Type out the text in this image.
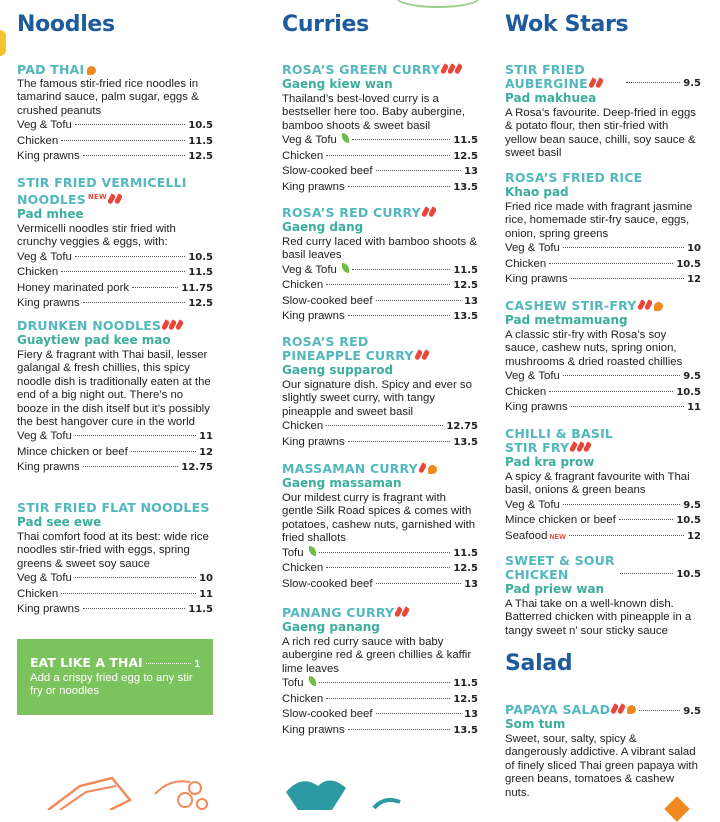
Noodles
PAD THAI
The famous stir-fried rice noodles in tamarind sauce, palm sugar, eggs & crushed peanuts
Veg & Tofu	10.5
Chicken	11.5
King prawns	12.5
STIR FRIED VERMICELLI NOODLES $^{NEW}$
Pad mhee
Vermicelli noodles stir fried with crunchy veggies & eggs, with:
Veg & Tofu	10.5
Chicken	11.5
Honey marinated pork	11.75
King prawns	12.5
DRUNKEN NOODLES
Guaytiew pad kee mao
Fiery & fragrant with Thai basil, lesser galangal & fresh chillies, this spicy noodle dish is traditionally eaten at the end of a big night out. There’s no booze in the dish itself but it’s possibly the best hangover cure in the world
Veg & Tofu	11
Mince chicken or beef	12
King prawns	12.75
STIR FRIED FLAT NOODLES
Pad see ewe
Thai comfort food at its best: wide rice noodles stir-fried with eggs, spring greens & sweet soy sauce
Veg & Tofu	10
Chicken	11
King prawns	11.5
EAT LIKE A THAI	1
Add a crispy fried egg to any stir fry or noodles
Curries
ROSA’S GREEN CURRY
Gaeng kiew wan
Thailand’s best-loved curry is a bestseller here too. Baby aubergine, bamboo shoots & sweet basil
Veg & Tofu	11.5
Chicken	12.5
Slow-cooked beef	13
King prawns	13.5
ROSA’S RED CURRY
Gaeng dang
Red curry laced with bamboo shoots & basil leaves
Veg & Tofu	11.5
Chicken	12.5
Slow-cooked beef	13
King prawns	13.5
ROSA’S RED PINEAPPLE CURRY
Gaeng supparod
Our signature dish. Spicy and ever so slightly sweet curry, with tangy pineapple and sweet basil
Chicken	12.75
King prawns	13.5
MASSAMAN CURRY
Gaeng massaman
Our mildest curry is fragrant with gentle Silk Road spices & comes with potatoes, cashew nuts, garnished with fried shallots
Tofu	11.5
Chicken	12.5
Slow-cooked beef	13
PANANG CURRY
Gaeng panang
A rich red curry sauce with baby aubergine red & green chillies & kaffir lime leaves
Tofu	11.5
Chicken	12.5
Slow-cooked beef	13
King prawns	13.5
Wok Stars
STIR FRIED AUBERGINE	9.5
Pad makhuea
A Rosa’s favourite. Deep-fried in eggs & potato flour, then stir-fried with yellow bean sauce, chilli, soy sauce & sweet basil
ROSA’S FRIED RICE
Khao pad
Fried rice made with fragrant jasmine rice, homemade stir-fry sauce, eggs, onion, spring greens
Veg & Tofu	10
Chicken	10.5
King prawns	12
CASHEW STIR-FRY
Pad metmamuang
A classic stir-fry with Rosa’s soy sauce, cashew nuts, spring onion, mushrooms & dried roasted chillies
Veg & Tofu	9.5
Chicken	10.5
King prawns	11
CHILLI & BASIL STIR FRY
Pad kra prow
A spicy & fragrant favourite with Thai basil, onions & green beans
Veg & Tofu	9.5
Mince chicken or beef	10.5
Seafood NEW	12
SWEET & SOUR CHICKEN	10.5
Pad priew wan
A Thai take on a well-known dish. Batterred chicken with pineapple in a tangy sweet n’ sour sticky sauce
Salad
PAPAYA SALAD	9.5
Som tum
Sweet, sour, salty, spicy & dangerously addictive. A vibrant salad of finely sliced Thai green papaya with green beans, tomatoes & cashew nuts.
